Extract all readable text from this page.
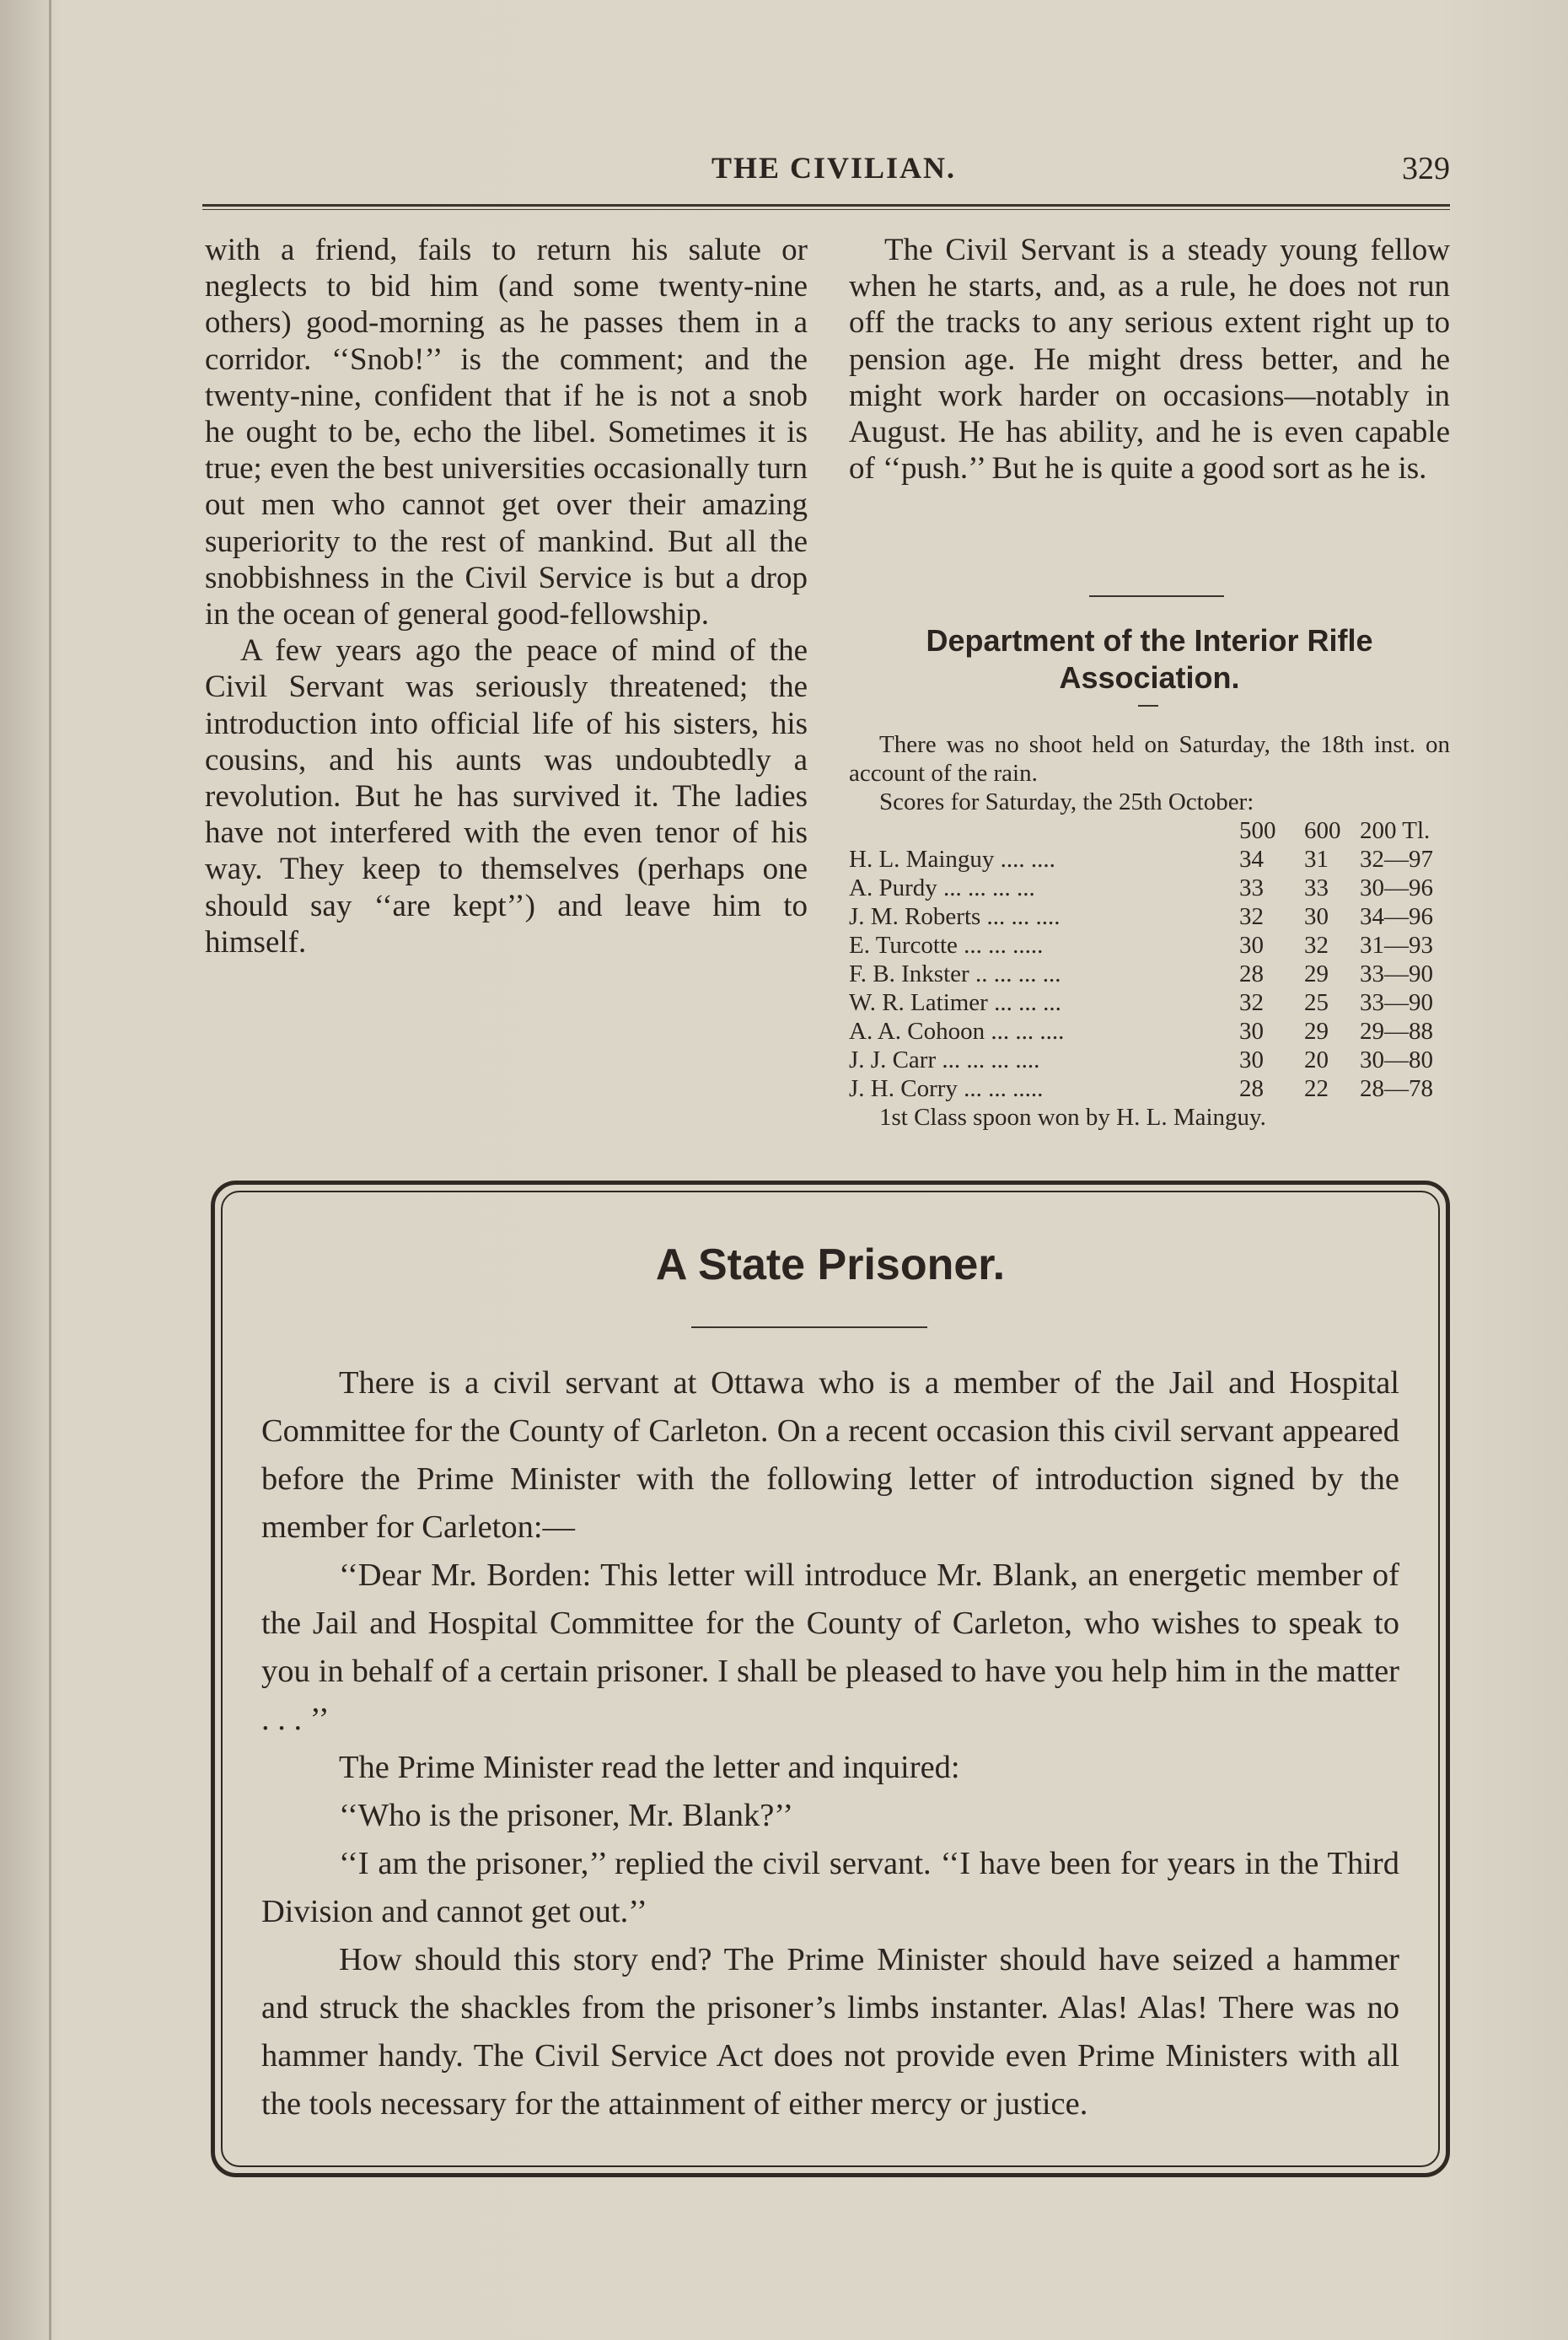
THE CIVILIAN.	329

with a friend, fails to return his salute or neglects to bid him (and some twenty-nine others) good-morning as he passes them in a corridor. ‘‘Snob!’’ is the comment; and the twenty-nine, confident that if he is not a snob he ought to be, echo the libel. Sometimes it is true; even the best universities occasionally turn out men who cannot get over their amazing superiority to the rest of mankind. But all the snobbishness in the Civil Service is but a drop in the ocean of general good-fellowship.

A few years ago the peace of mind of the Civil Servant was seriously threatened; the introduction into official life of his sisters, his cousins, and his aunts was undoubtedly a revolution. But he has survived it. The ladies have not interfered with the even tenor of his way. They keep to themselves (perhaps one should say ‘‘are kept’’) and leave him to himself.

The Civil Servant is a steady young fellow when he starts, and, as a rule, he does not run off the tracks to any serious extent right up to pension age. He might dress better, and he might work harder on occasions—notably in August. He has ability, and he is even capable of ‘‘push.’’ But he is quite a good sort as he is.

Department of the Interior Rifle Association.

There was no shoot held on Saturday, the 18th inst. on account of the rain.

Scores for Saturday, the 25th October:

500 600 200 Tl.
H. L. Mainguy .... ....	34	31	32—97
A. Purdy ... ... ... ...	33	33	30—96
J. M. Roberts ... ... ....	32	30	34—96
E. Turcotte ... ... .....	30	32	31—93
F. B. Inkster .. ... ... ...	28	29	33—90
W. R. Latimer ... ... ...	32	25	33—90
A. A. Cohoon ... ... ....	30	29	29—88
J. J. Carr ... ... ... ....	30	20	30—80
J. H. Corry ... ... .....	28	22	28—78

1st Class spoon won by H. L. Mainguy.

A State Prisoner.

There is a civil servant at Ottawa who is a member of the Jail and Hospital Committee for the County of Carleton. On a recent occasion this civil servant appeared before the Prime Minister with the following letter of introduction signed by the member for Carleton:—

‘‘Dear Mr. Borden: This letter will introduce Mr. Blank, an energetic member of the Jail and Hospital Committee for the County of Carleton, who wishes to speak to you in behalf of a certain prisoner. I shall be pleased to have you help him in the matter . . . ’’

The Prime Minister read the letter and inquired:

‘‘Who is the prisoner, Mr. Blank?’’

‘‘I am the prisoner,’’ replied the civil servant. ‘‘I have been for years in the Third Division and cannot get out.’’

How should this story end? The Prime Minister should have seized a hammer and struck the shackles from the prisoner’s limbs instanter. Alas! Alas! There was no hammer handy. The Civil Service Act does not provide even Prime Ministers with all the tools necessary for the attainment of either mercy or justice.
